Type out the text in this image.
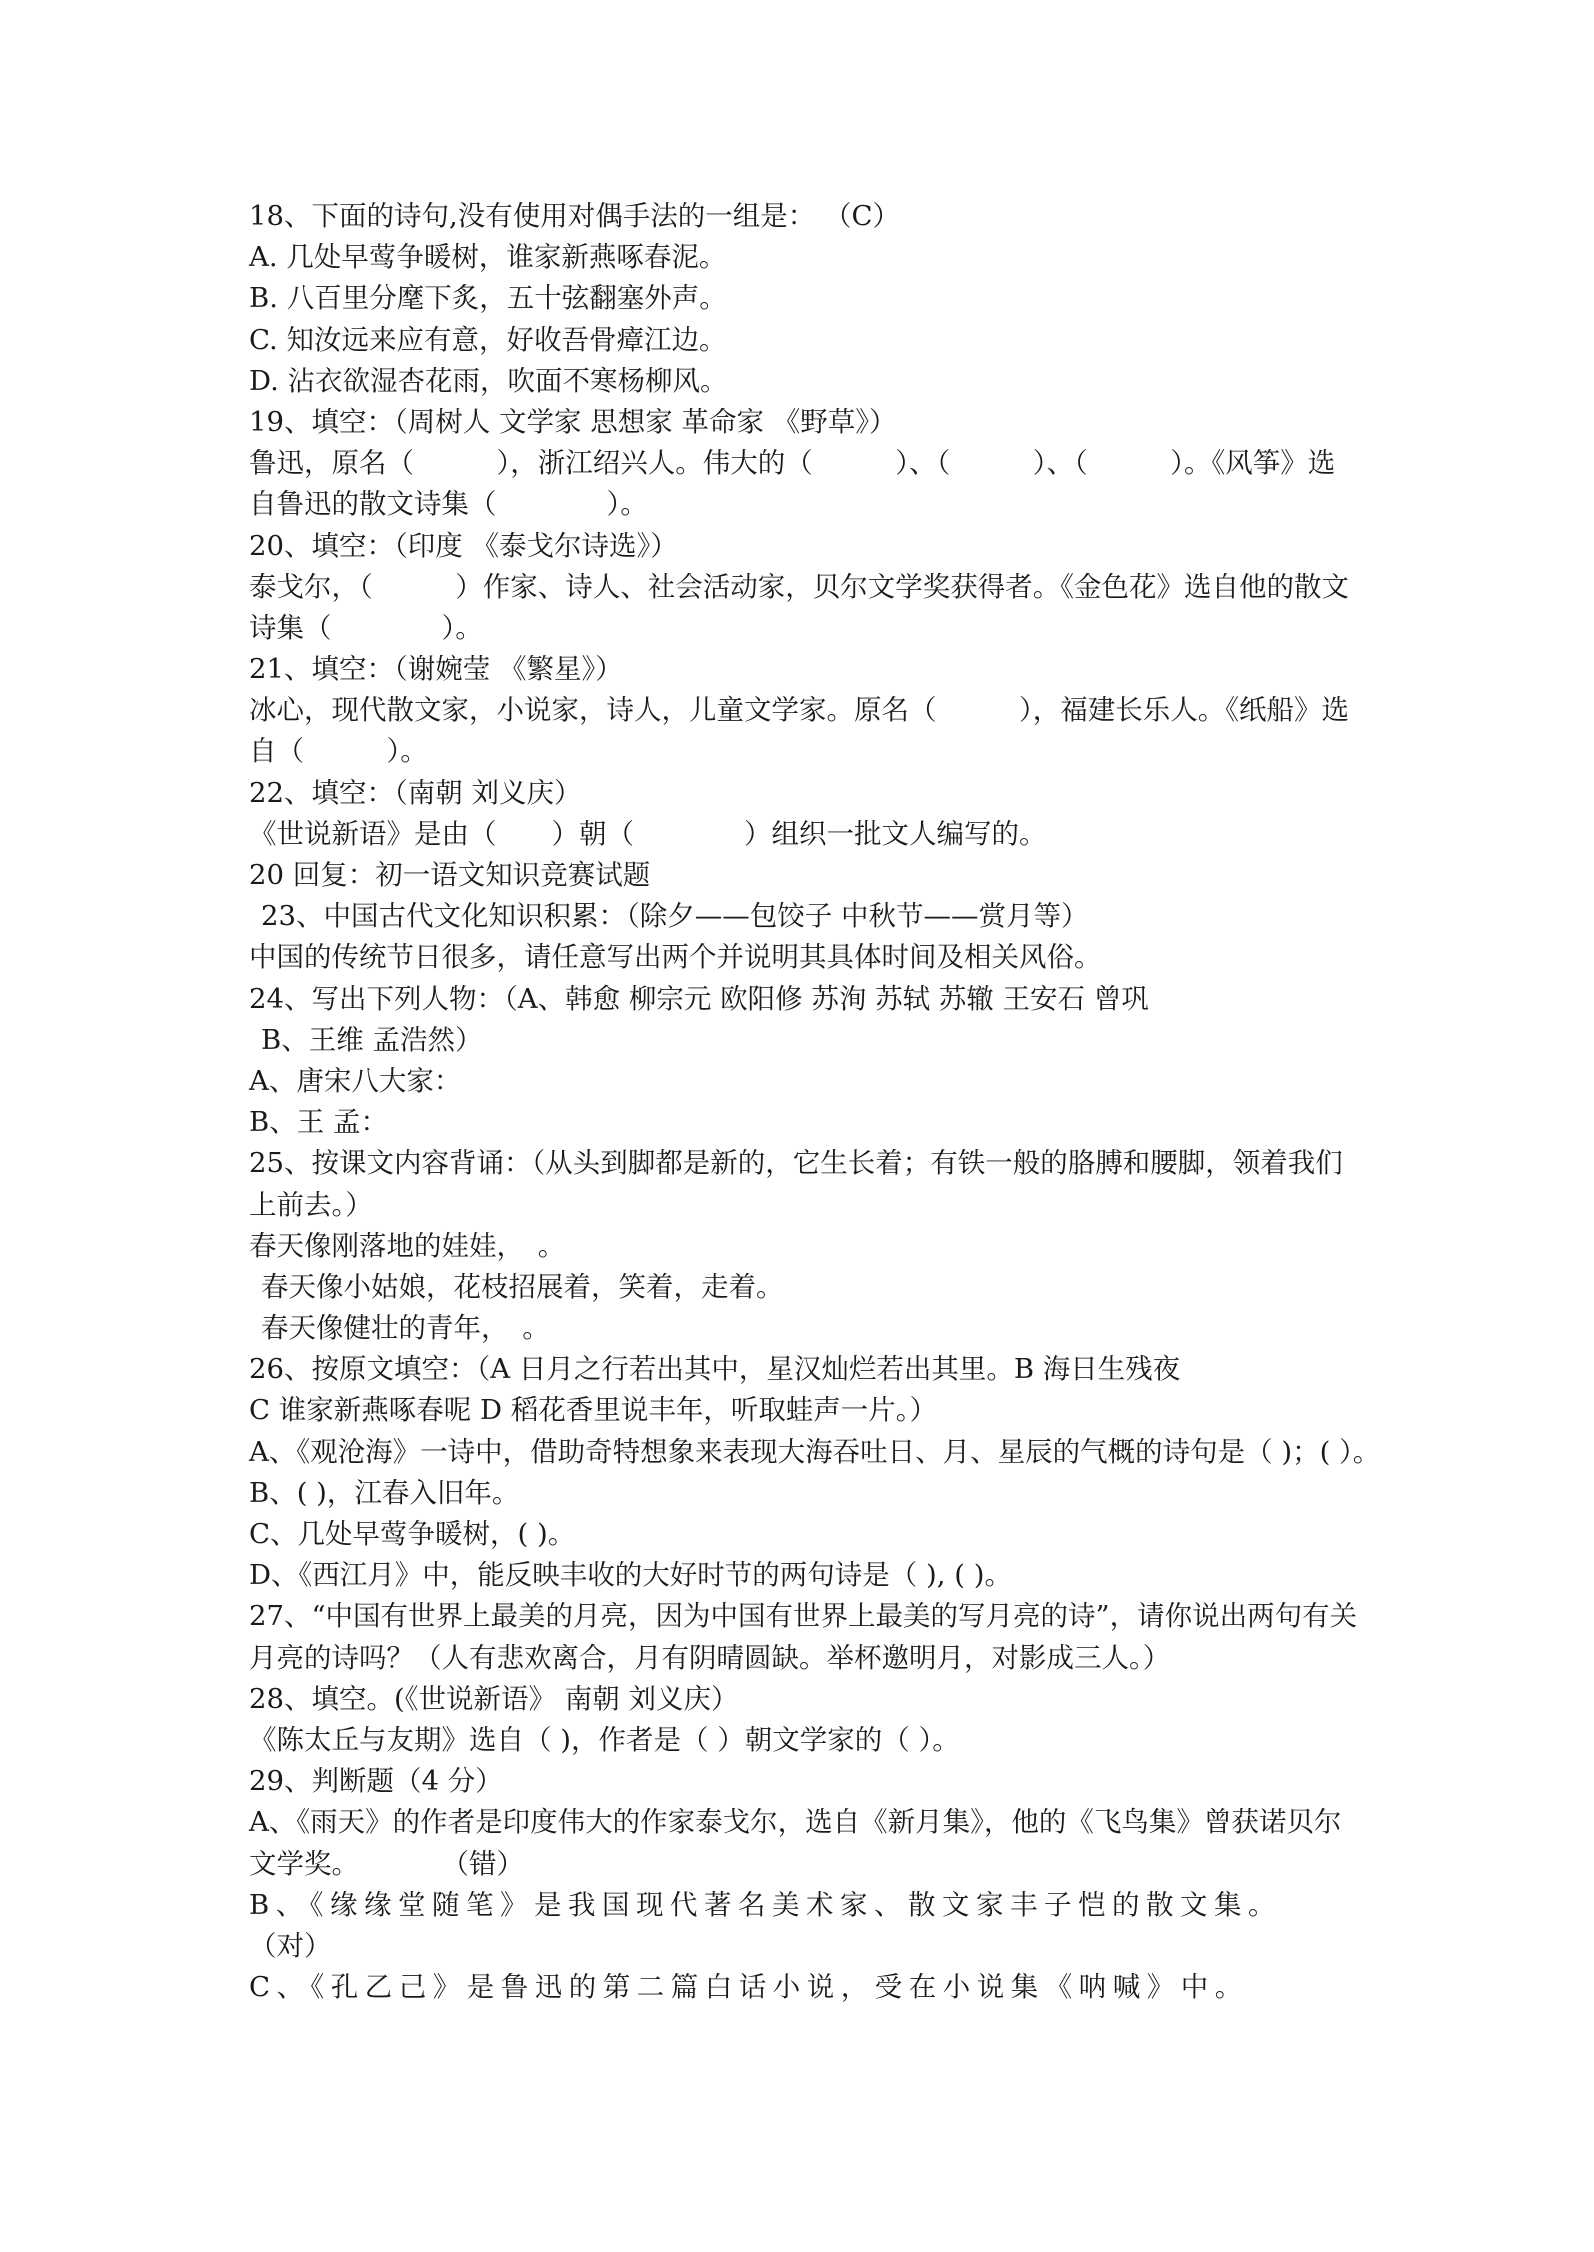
18、下面的诗句,没有使用对偶手法的一组是： （C）
A. 几处早莺争暖树，谁家新燕啄春泥。
B. 八百里分麾下炙，五十弦翻塞外声。
C. 知汝远来应有意，好收吾骨瘴江边。
D. 沾衣欲湿杏花雨，吹面不寒杨柳风。
19、填空：（周树人 文学家 思想家 革命家 《野草》）
鲁迅，原名（　　　），浙江绍兴人。伟大的（　　　）、（　　　）、（　　　）。《风筝》选
自鲁迅的散文诗集（　　　　）。
20、填空：（印度 《泰戈尔诗选》）
泰戈尔，（　　　）作家、诗人、社会活动家，贝尔文学奖获得者。《金色花》选自他的散文
诗集（　　　　）。
21、填空：（谢婉莹 《繁星》）
冰心，现代散文家，小说家，诗人，儿童文学家。原名（　　　），福建长乐人。《纸船》选
自（　　　）。
22、填空：（南朝 刘义庆）
《世说新语》是由（　　）朝（　　　　）组织一批文人编写的。
20 回复：初一语文知识竞赛试题
23、中国古代文化知识积累：（除夕——包饺子 中秋节——赏月等）
中国的传统节日很多，请任意写出两个并说明其具体时间及相关风俗。
24、写出下列人物：（A、韩愈 柳宗元 欧阳修 苏洵 苏轼 苏辙 王安石 曾巩
B、王维 孟浩然）
A、唐宋八大家：
B、王 孟：
25、按课文内容背诵：（从头到脚都是新的，它生长着；有铁一般的胳膊和腰脚，领着我们
上前去。）
春天像刚落地的娃娃，　。
春天像小姑娘，花枝招展着，笑着，走着。
春天像健壮的青年，　。
26、按原文填空：（A 日月之行若出其中，星汉灿烂若出其里。B 海日生残夜
C 谁家新燕啄春呢 D 稻花香里说丰年，听取蛙声一片。）
A、《观沧海》一诗中，借助奇特想象来表现大海吞吐日、月、星辰的气概的诗句是（ )；( ）。
B、( )，江春入旧年。
C、几处早莺争暖树，( )。
D、《西江月》中，能反映丰收的大好时节的两句诗是（ ), ( )。
27、“中国有世界上最美的月亮，因为中国有世界上最美的写月亮的诗”，请你说出两句有关
月亮的诗吗？（人有悲欢离合，月有阴晴圆缺。举杯邀明月，对影成三人。）
28、填空。(《世说新语》 南朝 刘义庆）
《陈太丘与友期》选自（ )，作者是（ ）朝文学家的（ ）。
29、判断题（4 分）
A、《雨天》的作者是印度伟大的作家泰戈尔，选自《新月集》，他的《飞鸟集》曾获诺贝尔
文学奖。　　　　（错）
B、《缘缘堂随笔》是我国现代著名美术家、散文家丰子恺的散文集。
（对）
C、《孔乙己》是鲁迅的第二篇白话小说，受在小说集《呐喊》中。
